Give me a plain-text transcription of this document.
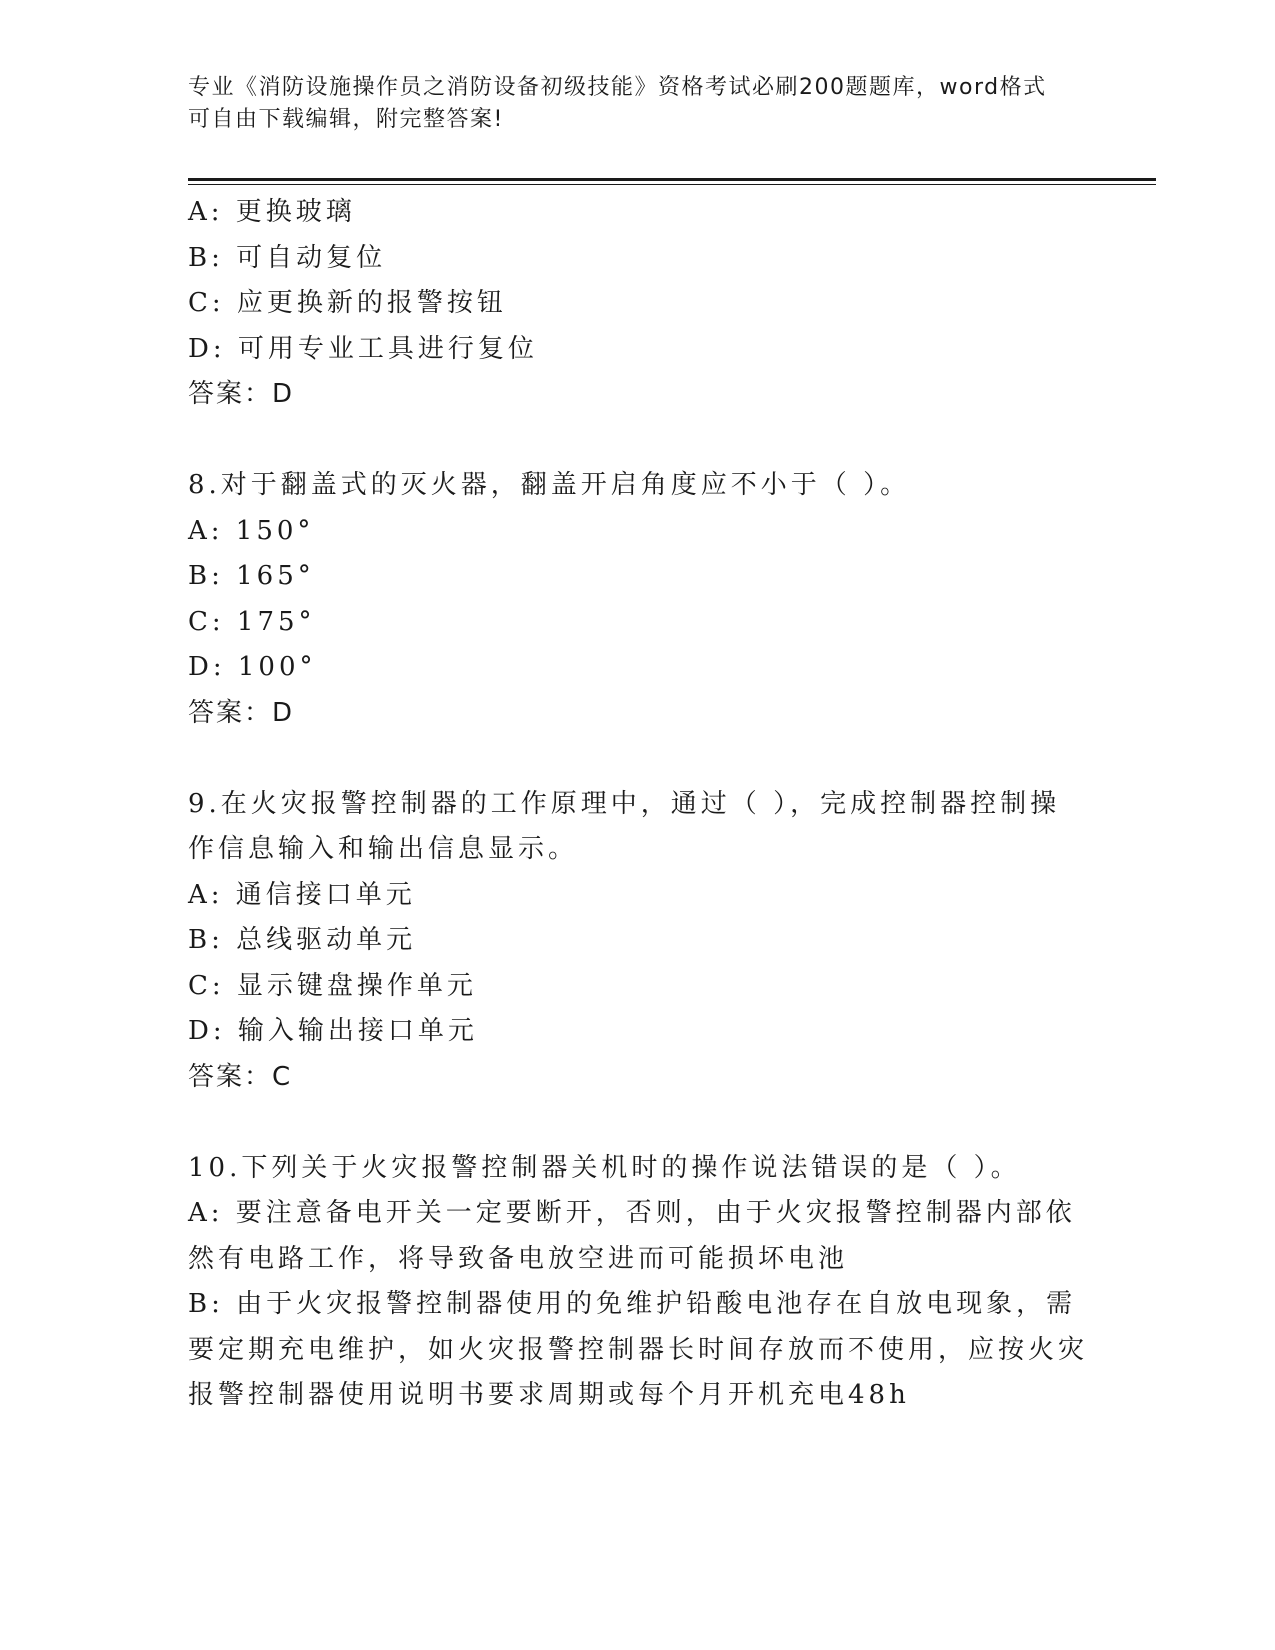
专业《消防设施操作员之消防设备初级技能》资格考试必刷200题题库，word格式可自由下载编辑，附完整答案!
A: 更换玻璃
B: 可自动复位
C: 应更换新的报警按钮
D: 可用专业工具进行复位
答案：D
8.对于翻盖式的灭火器，翻盖开启角度应不小于（ ）。
A: 150°
B: 165°
C: 175°
D: 100°
答案：D
9.在火灾报警控制器的工作原理中，通过（ ），完成控制器控制操作信息输入和输出信息显示。
A: 通信接口单元
B: 总线驱动单元
C: 显示键盘操作单元
D: 输入输出接口单元
答案：C
10.下列关于火灾报警控制器关机时的操作说法错误的是（ ）。
A: 要注意备电开关一定要断开，否则，由于火灾报警控制器内部依然有电路工作，将导致备电放空进而可能损坏电池
B: 由于火灾报警控制器使用的免维护铅酸电池存在自放电现象，需要定期充电维护，如火灾报警控制器长时间存放而不使用，应按火灾报警控制器使用说明书要求周期或每个月开机充电48h
